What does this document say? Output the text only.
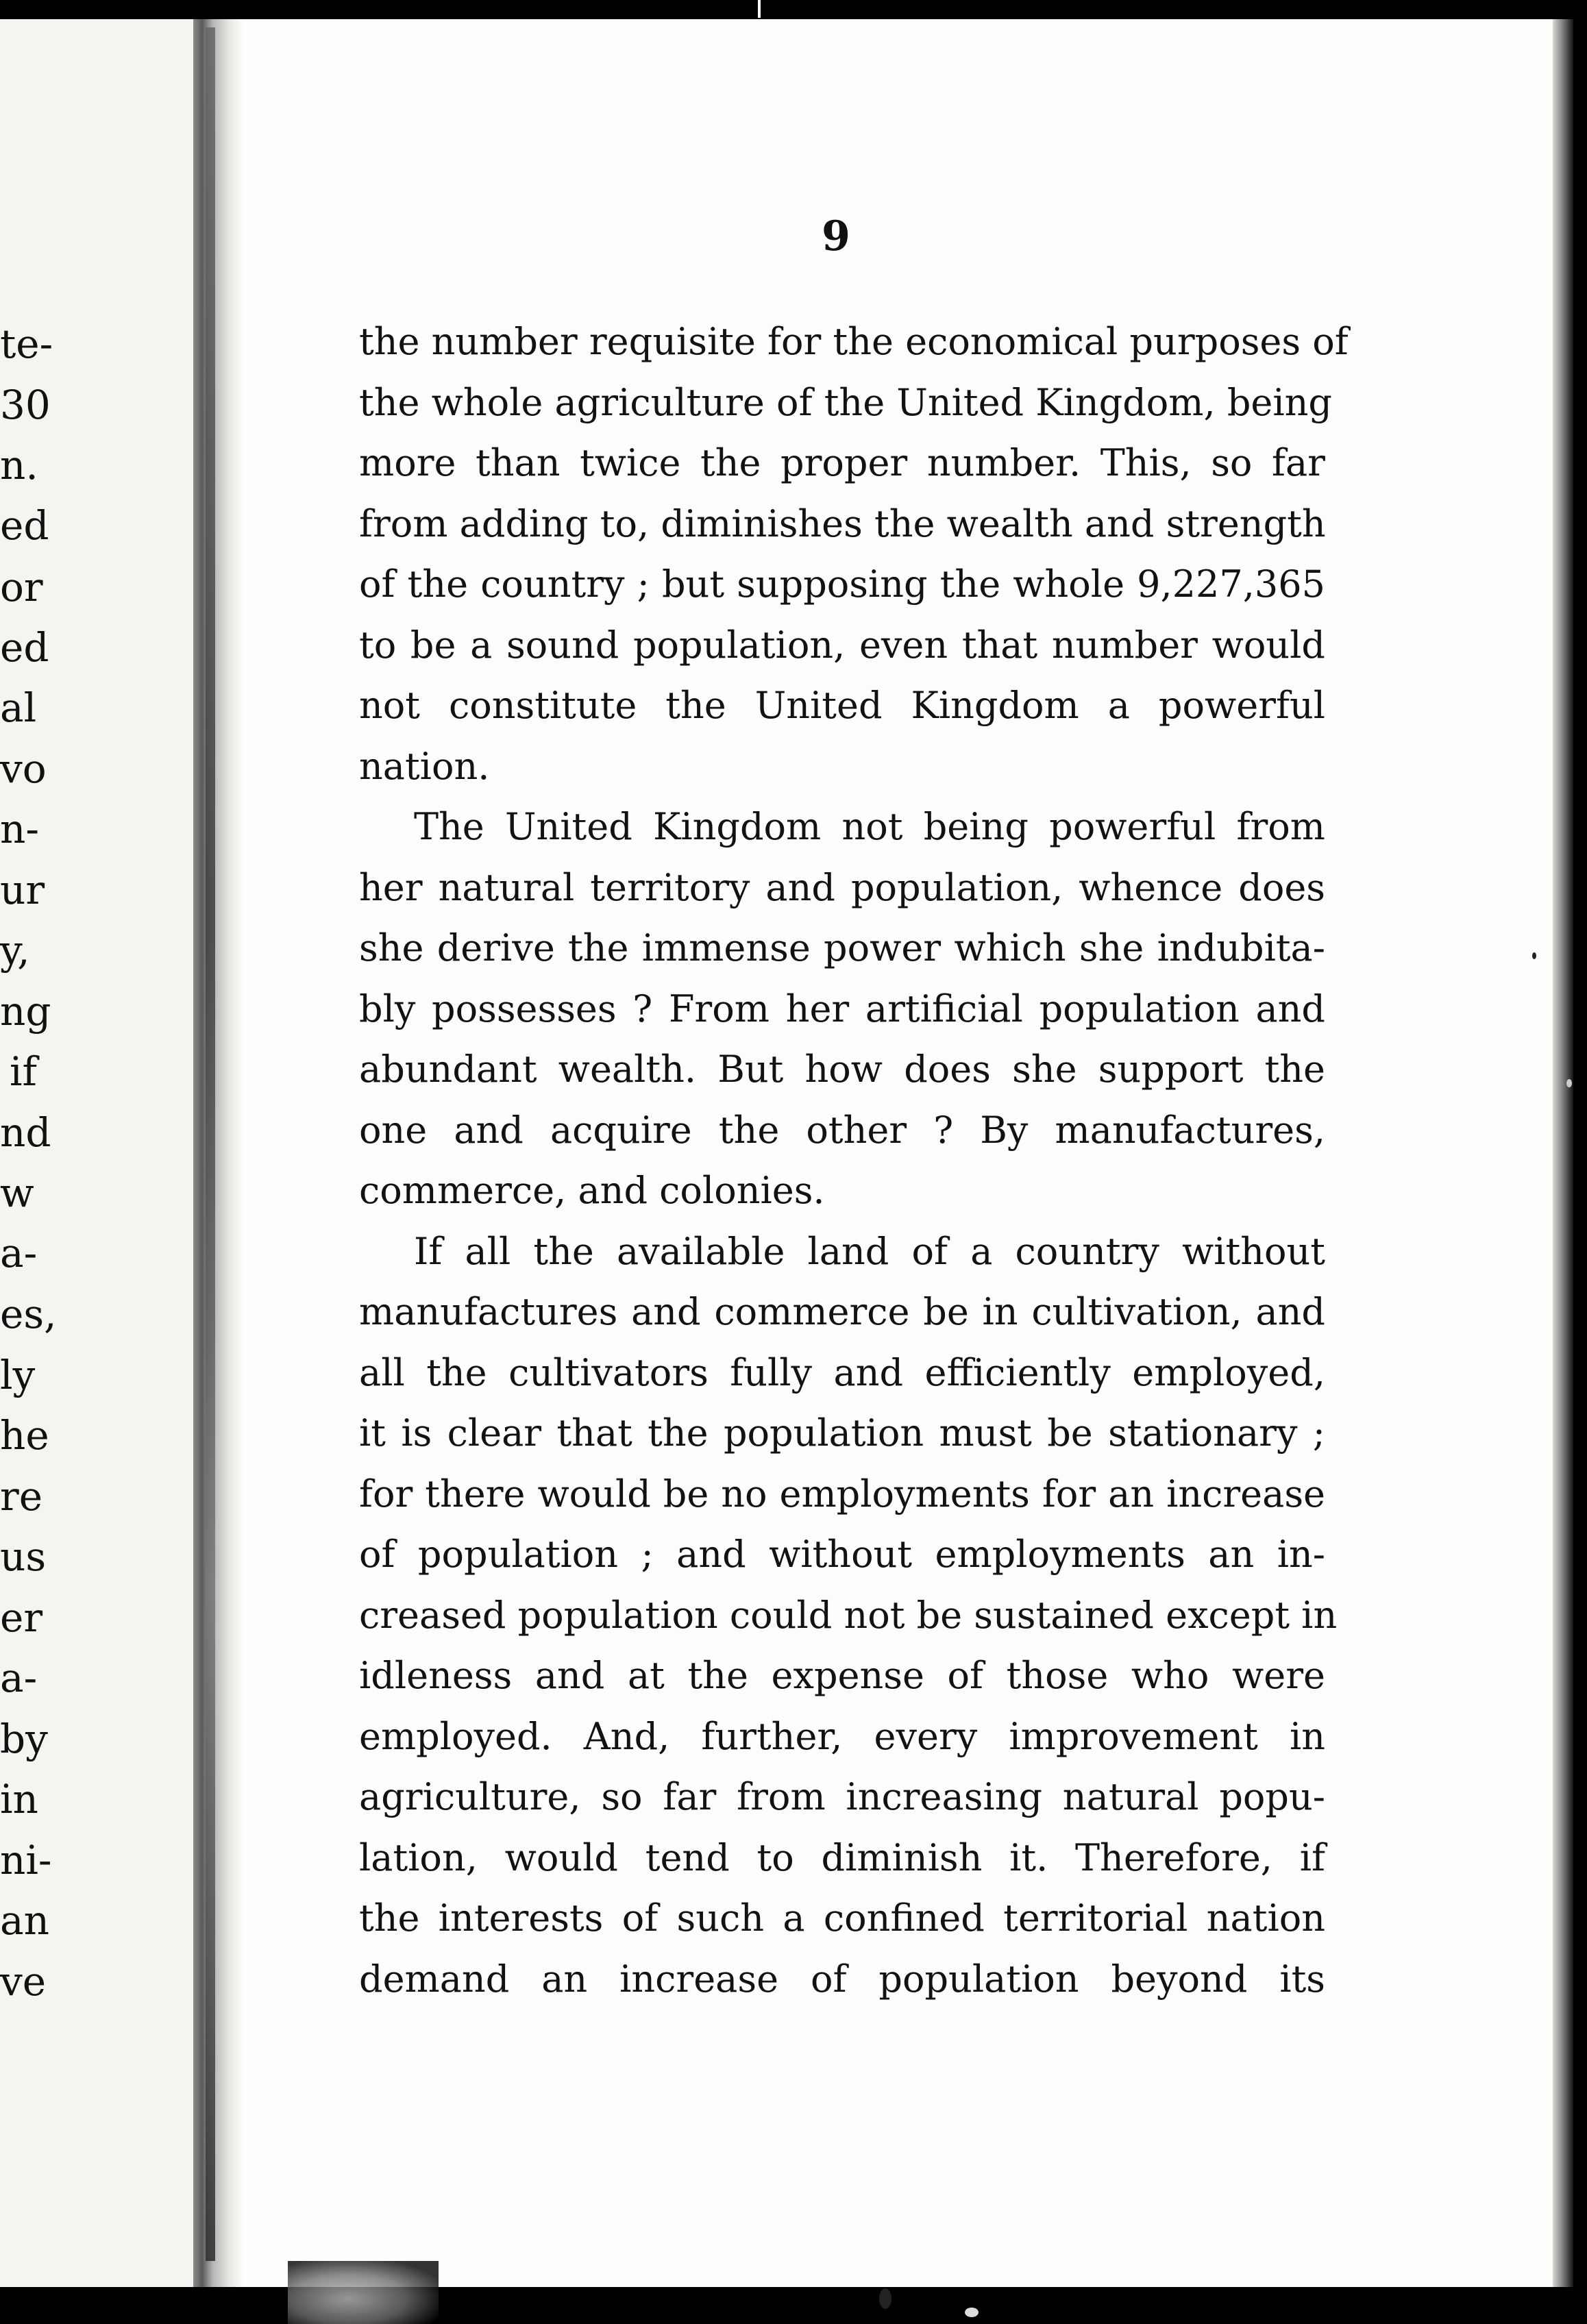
te-
30
n.
ed
or
ed
al
vo
n-
ur
y,
ng
if
nd
w
a-
es,
ly
he
re
us
er
a-
by
in
ni-
an
ve
9
the number requisite for the economical purposes of
the whole agriculture of the United Kingdom, being
more than twice the proper number. This, so far
from adding to, diminishes the wealth and strength
of the country ; but supposing the whole 9,227,365
to be a sound population, even that number would
not constitute the United Kingdom a powerful
nation.
The United Kingdom not being powerful from
her natural territory and population, whence does
she derive the immense power which she indubita-
bly possesses ? From her artificial population and
abundant wealth. But how does she support the
one and acquire the other ? By manufactures,
commerce, and colonies.
If all the available land of a country without
manufactures and commerce be in cultivation, and
all the cultivators fully and efficiently employed,
it is clear that the population must be stationary ;
for there would be no employments for an increase
of population ; and without employments an in-
creased population could not be sustained except in
idleness and at the expense of those who were
employed. And, further, every improvement in
agriculture, so far from increasing natural popu-
lation, would tend to diminish it. Therefore, if
the interests of such a confined territorial nation
demand an increase of population beyond its
